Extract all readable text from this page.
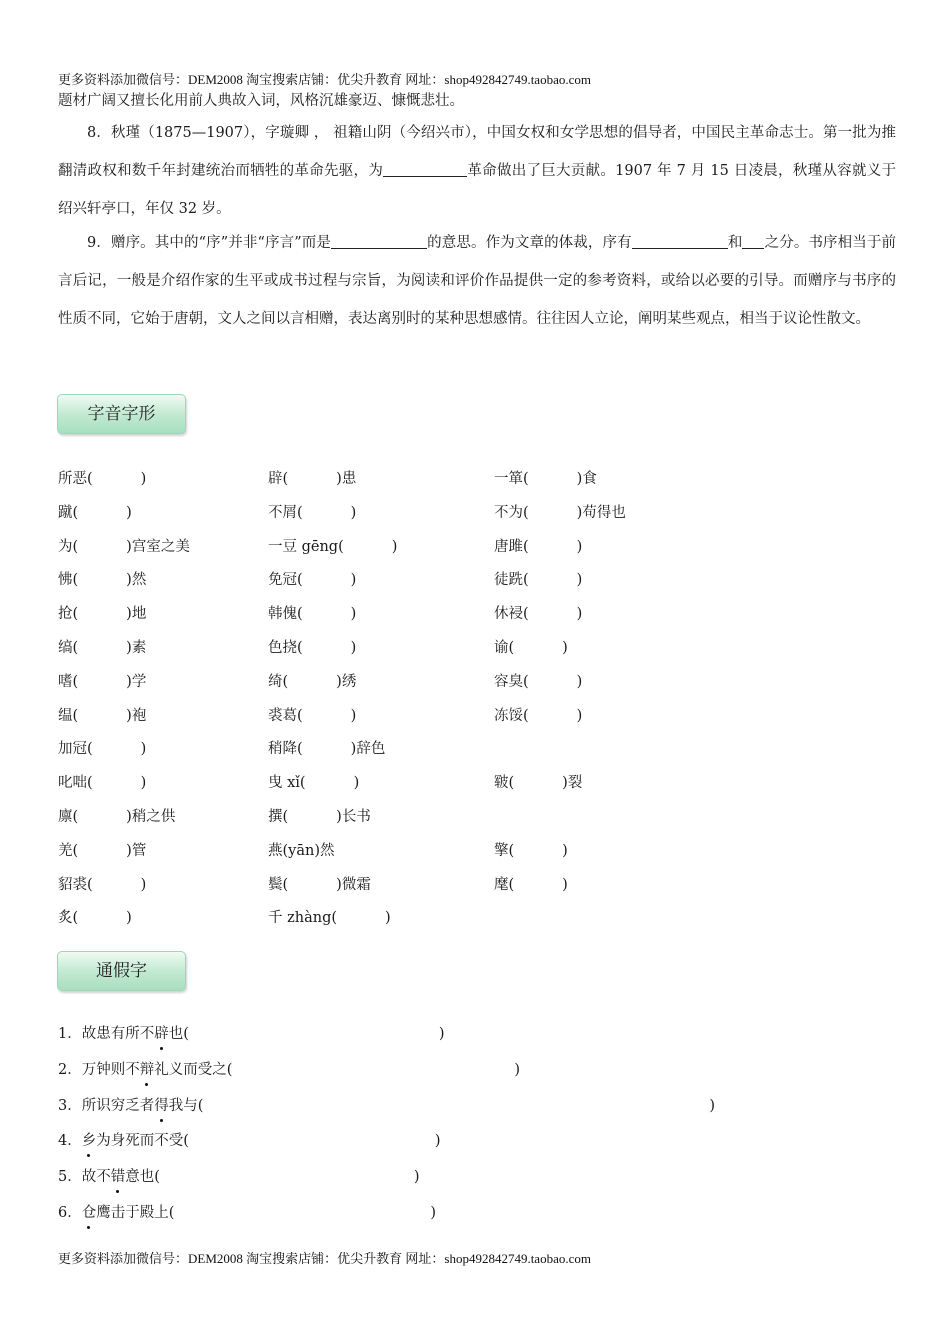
更多资料添加微信号：DEM2008 淘宝搜索店铺：优尖升教育 网址：shop492842749.taobao.com
更多资料添加微信号：DEM2008 淘宝搜索店铺：优尖升教育 网址：shop492842749.taobao.com
题材广阔又擅长化用前人典故入词，风格沉雄豪迈、慷慨悲壮。
8．秋瑾（1875—1907），字璇卿 ， 祖籍山阴（今绍兴市），中国女权和女学思想的倡导者，中国民主革命志士。第一批为推翻清政权和数千年封建统治而牺牲的革命先驱，为	革命做出了巨大贡献。1907 年 7 月 15 日凌晨，秋瑾从容就义于绍兴轩亭口，年仅 32 岁。
9．赠序。其中的“序”并非“序言”而是	的意思。作为文章的体裁，序有	和 之分。书序相当于前言后记，一般是介绍作家的生平或成书过程与宗旨，为阅读和评价作品提供一定的参考资料，或给以必要的引导。而赠序与书序的性质不同，它始于唐朝，文人之间以言相赠，表达离别时的某种思想感情。往往因人立论，阐明某些观点，相当于议论性散文。
字音字形
所恶(	)	辟(	)患	一箪(	)食
蹴(	)	不屑(	)	不为(	)苟得也
为(	)宫室之美	一豆 gēng(	)	唐雎(	)
怫(	)然	免冠(	)	徒跣(	)
抢(	)地	韩傀(	)	休祲(	)
缟(	)素	色挠(	)	谕(	)
嗜(	)学	绮(	)绣	容臭(	)
缊(	)袍	裘葛(	)	冻馁(	)
加冠(	)	稍降(	)辞色
叱咄(	)	曳 xǐ(	)	皲(	)裂
廪(	)稍之供	撰(	)长书
羌(	)管	燕(yān)然	擎(	)
貂裘(	)	鬓(	)微霜	麾(	)
炙(	)	千 zhàng(	)
通假字
1．故患有所不辟也(	)
2．万钟则不辩礼义而受之(	)
3．所识穷乏者得我与(	)
4．乡为身死而不受(	)
5．故不错意也(	)
6．仓鹰击于殿上(	)
